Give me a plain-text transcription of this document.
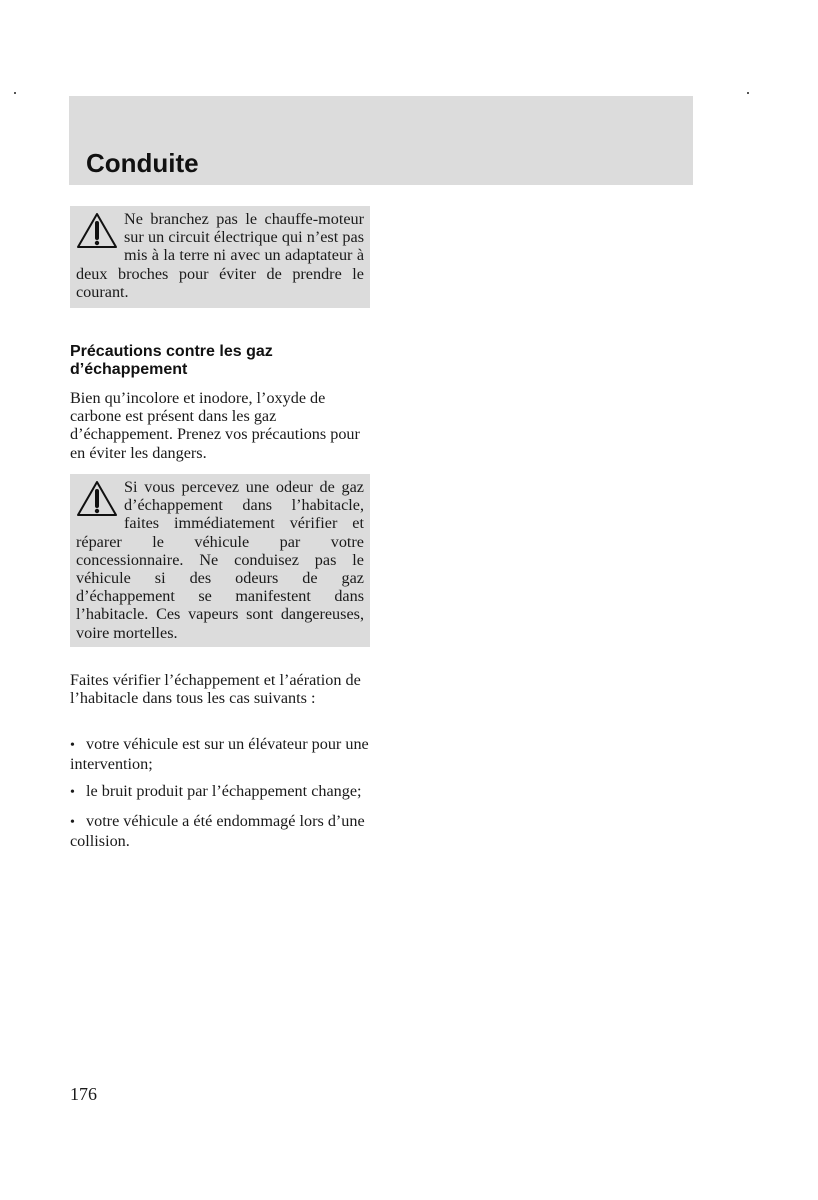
Conduite

Ne branchez pas le chauffe-moteur sur un circuit électrique qui n’est pas mis à la terre ni avec un adaptateur à deux broches pour éviter de prendre le courant.

Précautions contre les gaz
d’échappement

Bien qu’incolore et inodore, l’oxyde de carbone est présent dans les gaz d’échappement. Prenez vos précautions pour en éviter les dangers.

Si vous percevez une odeur de gaz d’échappement dans l’habitacle, faites immédiatement vérifier et réparer le véhicule par votre concessionnaire. Ne conduisez pas le véhicule si des odeurs de gaz d’échappement se manifestent dans l’habitacle. Ces vapeurs sont dangereuses, voire mortelles.

Faites vérifier l’échappement et l’aération de l’habitacle dans tous les cas suivants :

• votre véhicule est sur un élévateur pour une intervention;
• le bruit produit par l’échappement change;
• votre véhicule a été endommagé lors d’une collision.

176
